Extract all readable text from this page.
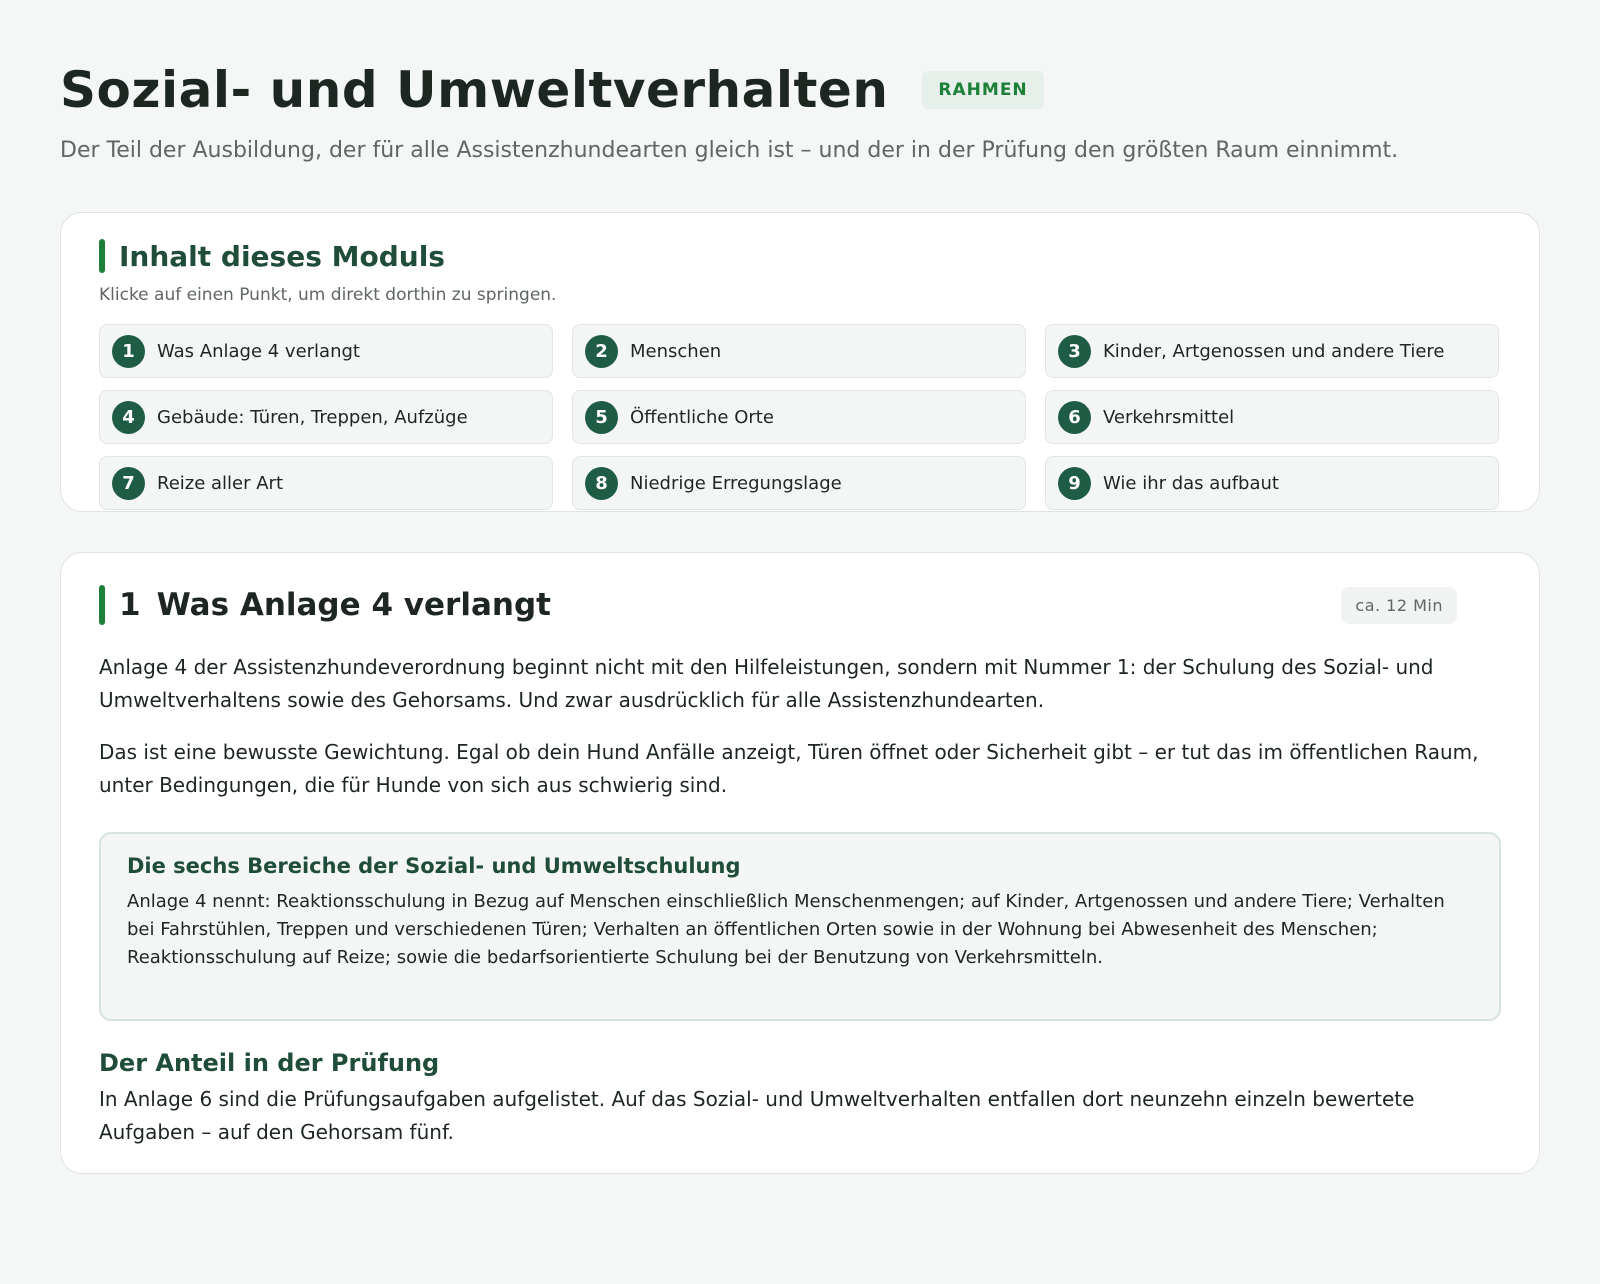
Sozial- und Umweltverhalten	RAHMEN

Der Teil der Ausbildung, der für alle Assistenzhundearten gleich ist – und der in der Prüfung den größten Raum einnimmt.

Inhalt dieses Moduls

Klicke auf einen Punkt, um direkt dorthin zu springen.

1	Was Anlage 4 verlangt	2	Menschen	3	Kinder, Artgenossen und andere Tiere
4	Gebäude: Türen, Treppen, Aufzüge	5	Öffentliche Orte	6	Verkehrsmittel
7	Reize aller Art	8	Niedrige Erregungslage	9	Wie ihr das aufbaut
1 Was Anlage 4 verlangt	ca. 12 Min

Anlage 4 der Assistenzhundeverordnung beginnt nicht mit den Hilfeleistungen, sondern mit Nummer 1: der Schulung des Sozial- und Umweltverhaltens sowie des Gehorsams. Und zwar ausdrücklich für alle Assistenzhundearten.

Das ist eine bewusste Gewichtung. Egal ob dein Hund Anfälle anzeigt, Türen öffnet oder Sicherheit gibt – er tut das im öffentlichen Raum, unter Bedingungen, die für Hunde von sich aus schwierig sind.

Die sechs Bereiche der Sozial- und Umweltschulung

Anlage 4 nennt: Reaktionsschulung in Bezug auf Menschen einschließlich Menschenmengen; auf Kinder, Artgenossen und andere Tiere; Verhalten bei Fahrstühlen, Treppen und verschiedenen Türen; Verhalten an öffentlichen Orten sowie in der Wohnung bei Abwesenheit des Menschen; Reaktionsschulung auf Reize; sowie die bedarfsorientierte Schulung bei der Benutzung von Verkehrsmitteln.

Der Anteil in der Prüfung

In Anlage 6 sind die Prüfungsaufgaben aufgelistet. Auf das Sozial- und Umweltverhalten entfallen dort neunzehn einzeln bewertete Aufgaben – auf den Gehorsam fünf.
